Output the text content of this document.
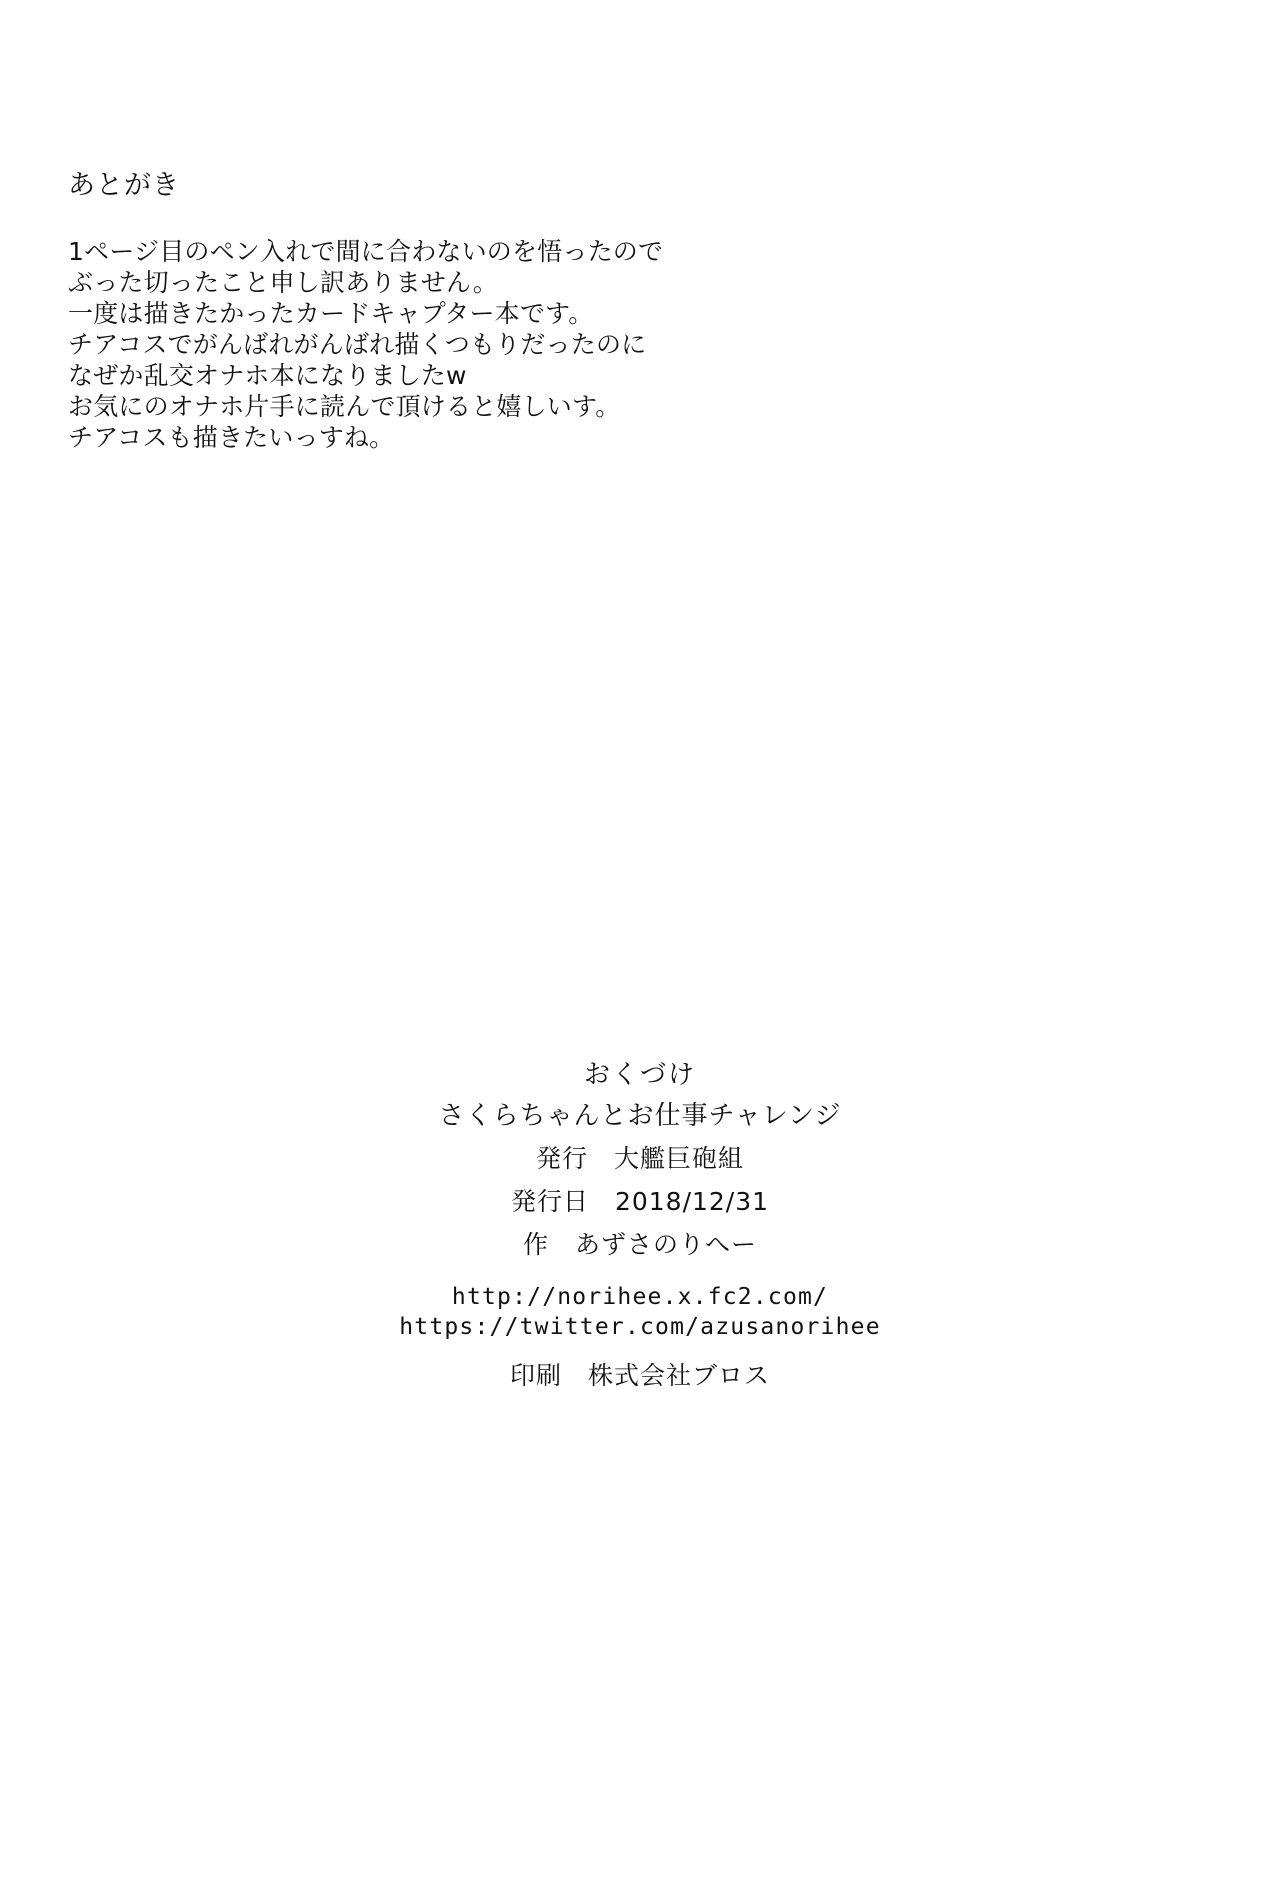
あとがき
1ページ目のペン入れで間に合わないのを悟ったので
ぶった切ったこと申し訳ありません。
一度は描きたかったカードキャプター本です。
チアコスでがんばれがんばれ描くつもりだったのに
なぜか乱交オナホ本になりましたw
お気にのオナホ片手に読んで頂けると嬉しいす。
チアコスも描きたいっすね。
おくづけ
さくらちゃんとお仕事チャレンジ
発行　大艦巨砲組
発行日　2018/12/31
作　あずさのりへー
http://norihee.x.fc2.com/
https://twitter.com/azusanorihee
印刷　株式会社ブロス
